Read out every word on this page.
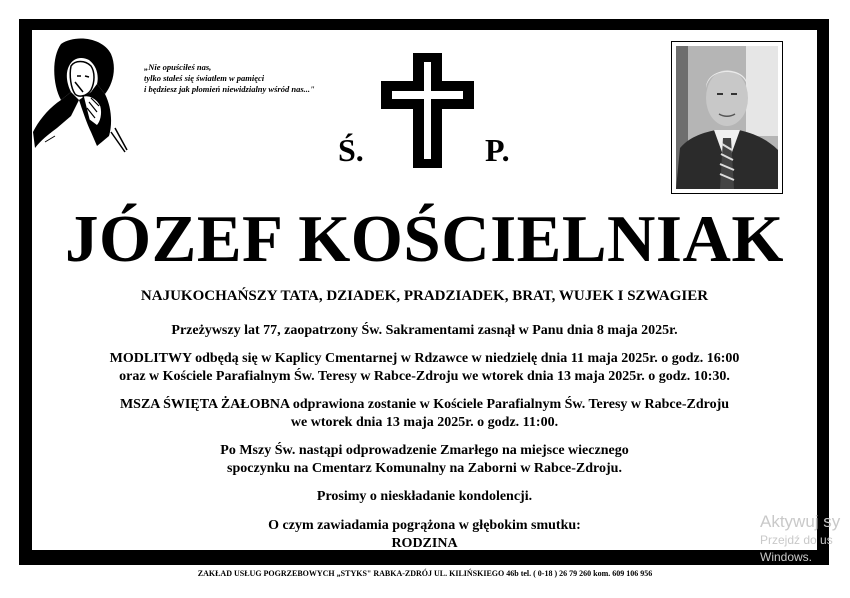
„Nie opuściłeś nas,
tylko stałeś się światłem w pamięci
i będziesz jak płomień niewidzialny wśród nas..."
Ś.	P.
JÓZEF KOŚCIELNIAK
NAJUKOCHAŃSZY TATA, DZIADEK, PRADZIADEK, BRAT, WUJEK I SZWAGIER
Przeżywszy lat 77, zaopatrzony Św. Sakramentami zasnął w Panu dnia 8 maja 2025r.
MODLITWY odbędą się w Kaplicy Cmentarnej w Rdzawce w niedzielę dnia 11 maja 2025r. o godz. 16:00
oraz w Kościele Parafialnym Św. Teresy w Rabce-Zdroju we wtorek dnia 13 maja 2025r. o godz. 10:30.
MSZA ŚWIĘTA ŻAŁOBNA odprawiona zostanie w Kościele Parafialnym Św. Teresy w Rabce-Zdroju
we wtorek dnia 13 maja 2025r. o godz. 11:00.
Po Mszy Św. nastąpi odprowadzenie Zmarłego na miejsce wiecznego
spoczynku na Cmentarz Komunalny na Zaborni w Rabce-Zdroju.
Prosimy o nieskładanie kondolencji.
O czym zawiadamia pogrążona w głębokim smutku:
RODZINA
ZAKŁAD USŁUG POGRZEBOWYCH „STYKS" RABKA-ZDRÓJ UL. KILIŃSKIEGO 46b tel. ( 0-18 ) 26 79 260 kom. 609 106 956
Aktywuj sy
Przejdź do us
Windows.
